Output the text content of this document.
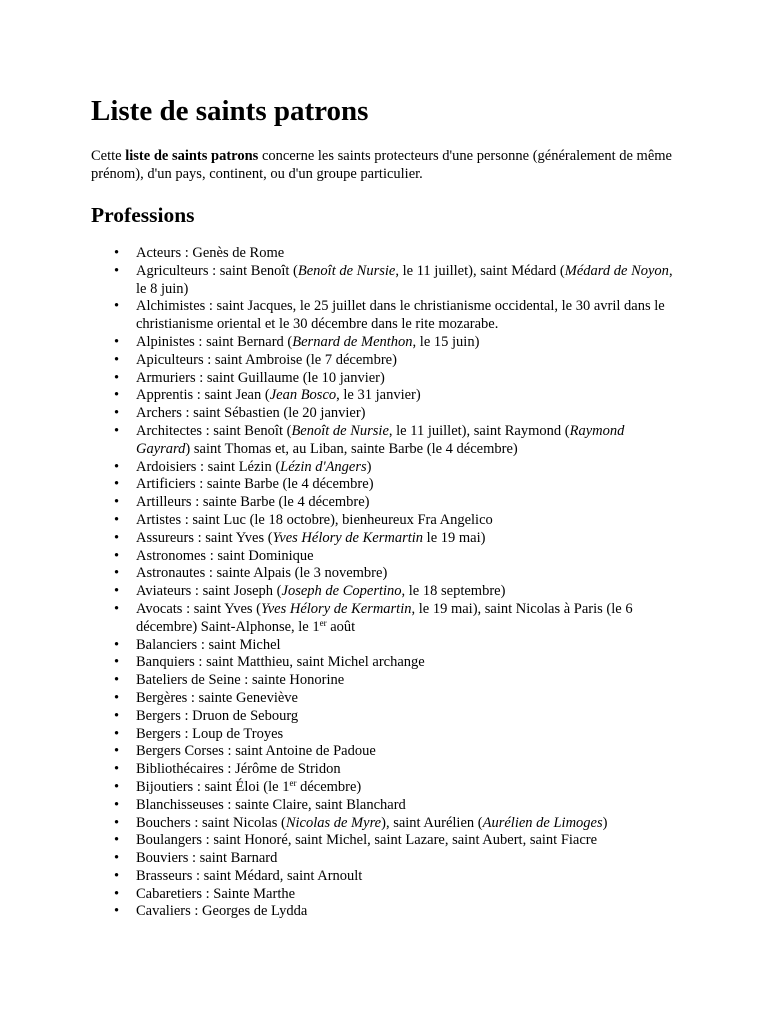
Liste de saints patrons

Cette liste de saints patrons concerne les saints protecteurs d'une personne (généralement de même prénom), d'un pays, continent, ou d'un groupe particulier.

Professions
• Acteurs : Genès de Rome
• Agriculteurs : saint Benoît (Benoît de Nursie, le 11 juillet), saint Médard (Médard de Noyon, le 8 juin)
• Alchimistes : saint Jacques, le 25 juillet dans le christianisme occidental, le 30 avril dans le christianisme oriental et le 30 décembre dans le rite mozarabe.
• Alpinistes : saint Bernard (Bernard de Menthon, le 15 juin)
• Apiculteurs : saint Ambroise (le 7 décembre)
• Armuriers : saint Guillaume (le 10 janvier)
• Apprentis : saint Jean (Jean Bosco, le 31 janvier)
• Archers : saint Sébastien (le 20 janvier)
• Architectes : saint Benoît (Benoît de Nursie, le 11 juillet), saint Raymond (Raymond Gayrard) saint Thomas et, au Liban, sainte Barbe (le 4 décembre)
• Ardoisiers : saint Lézin (Lézin d'Angers)
• Artificiers : sainte Barbe (le 4 décembre)
• Artilleurs : sainte Barbe (le 4 décembre)
• Artistes : saint Luc (le 18 octobre), bienheureux Fra Angelico
• Assureurs : saint Yves (Yves Hélory de Kermartin le 19 mai)
• Astronomes : saint Dominique
• Astronautes : sainte Alpais (le 3 novembre)
• Aviateurs : saint Joseph (Joseph de Copertino, le 18 septembre)
• Avocats : saint Yves (Yves Hélory de Kermartin, le 19 mai), saint Nicolas à Paris (le 6 décembre) Saint-Alphonse, le 1er août
• Balanciers : saint Michel
• Banquiers : saint Matthieu, saint Michel archange
• Bateliers de Seine : sainte Honorine
• Bergères : sainte Geneviève
• Bergers : Druon de Sebourg
• Bergers : Loup de Troyes
• Bergers Corses : saint Antoine de Padoue
• Bibliothécaires : Jérôme de Stridon
• Bijoutiers : saint Éloi (le 1er décembre)
• Blanchisseuses : sainte Claire, saint Blanchard
• Bouchers : saint Nicolas (Nicolas de Myre), saint Aurélien (Aurélien de Limoges)
• Boulangers : saint Honoré, saint Michel, saint Lazare, saint Aubert, saint Fiacre
• Bouviers : saint Barnard
• Brasseurs : saint Médard, saint Arnoult
• Cabaretiers : Sainte Marthe
• Cavaliers : Georges de Lydda
